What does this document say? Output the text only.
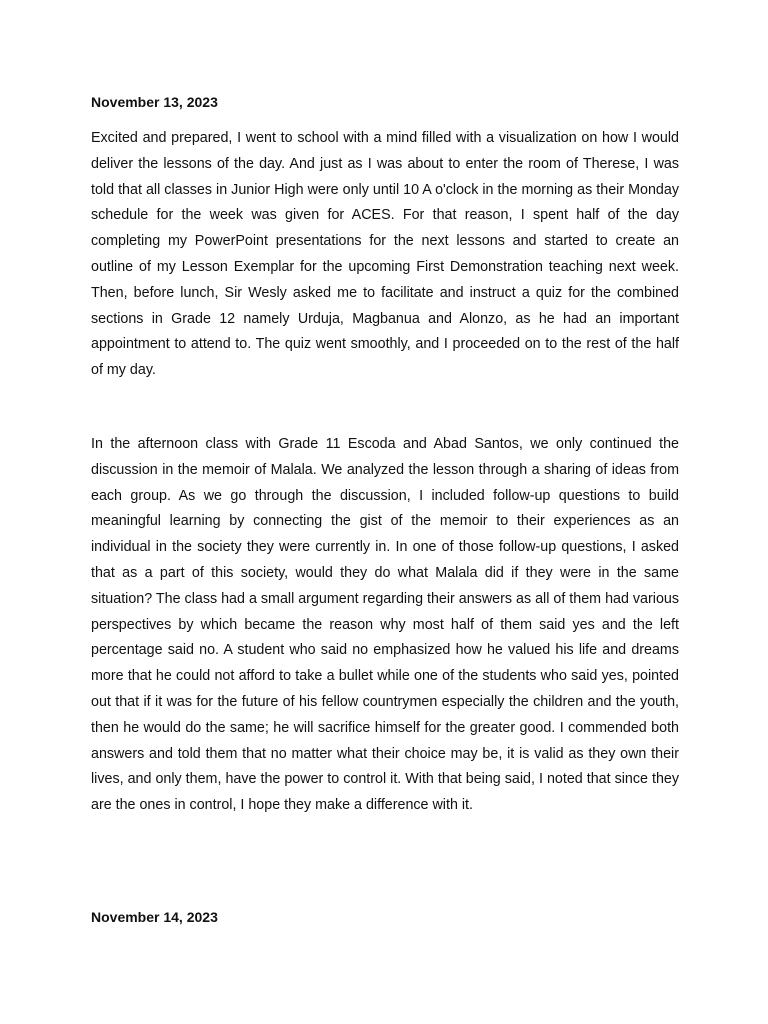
November 13, 2023

Excited and prepared, I went to school with a mind filled with a visualization on how I would deliver the lessons of the day. And just as I was about to enter the room of Therese, I was told that all classes in Junior High were only until 10 A o'clock in the morning as their Monday schedule for the week was given for ACES. For that reason, I spent half of the day completing my PowerPoint presentations for the next lessons and started to create an outline of my Lesson Exemplar for the upcoming First Demonstration teaching next week. Then, before lunch, Sir Wesly asked me to facilitate and instruct a quiz for the combined sections in Grade 12 namely Urduja, Magbanua and Alonzo, as he had an important appointment to attend to. The quiz went smoothly, and I proceeded on to the rest of the half of my day.

In the afternoon class with Grade 11 Escoda and Abad Santos, we only continued the discussion in the memoir of Malala. We analyzed the lesson through a sharing of ideas from each group. As we go through the discussion, I included follow-up questions to build meaningful learning by connecting the gist of the memoir to their experiences as an individual in the society they were currently in. In one of those follow-up questions, I asked that as a part of this society, would they do what Malala did if they were in the same situation? The class had a small argument regarding their answers as all of them had various perspectives by which became the reason why most half of them said yes and the left percentage said no. A student who said no emphasized how he valued his life and dreams more that he could not afford to take a bullet while one of the students who said yes, pointed out that if it was for the future of his fellow countrymen especially the children and the youth, then he would do the same; he will sacrifice himself for the greater good. I commended both answers and told them that no matter what their choice may be, it is valid as they own their lives, and only them, have the power to control it. With that being said, I noted that since they are the ones in control, I hope they make a difference with it.

November 14, 2023
